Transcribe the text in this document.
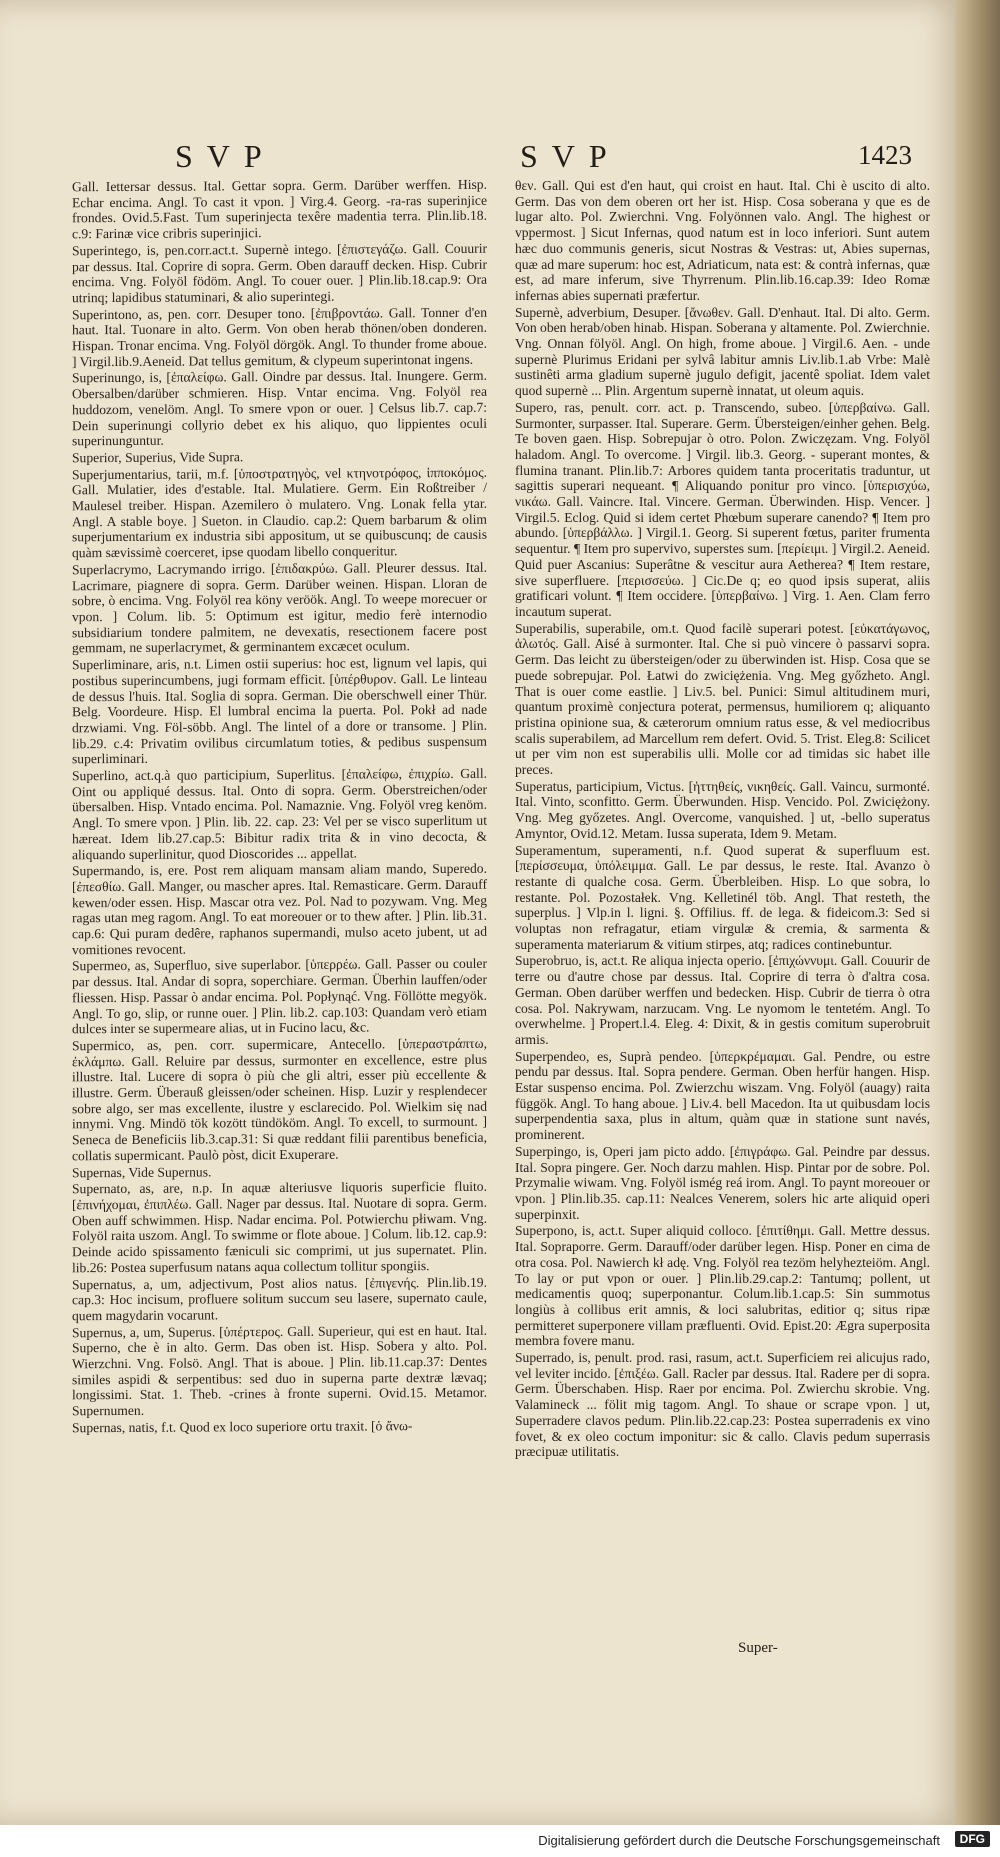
SVP	SVP	1423

Gall. Iettersar dessus. Ital. Gettar sopra. Germ. Darüber werffen. Hisp. Echar encima. Angl. To cast it vpon. ] Virg.4. Georg. -ra-ras superinjice frondes. Ovid.5.Fast. Tum superinjecta texêre madentia terra. Plin.lib.18. c.9: Farinæ vice cribris superinjici.

Superintego, is, pen.corr.act.t. Supernè intego. [ἐπιστεγάζω. Gall. Couurir par dessus. Ital. Coprire di sopra. Germ. Oben darauff decken. Hisp. Cubrir encima. Vng. Folyöl födöm. Angl. To couer ouer. ] Plin.lib.18.cap.9: Ora utrinq; lapidibus statuminari, & alio superintegi.

Superintono, as, pen. corr. Desuper tono. [ἐπιβροντάω. Gall. Tonner d'en haut. Ital. Tuonare in alto. Germ. Von oben herab thönen/oben donderen. Hispan. Tronar encima. Vng. Folyöl dörgök. Angl. To thunder frome aboue. ] Virgil.lib.9.Aeneid. Dat tellus gemitum, & clypeum superintonat ingens.

Superinungo, is, [ἐπαλείφω. Gall. Oindre par dessus. Ital. Inungere. Germ. Obersalben/darüber schmieren. Hisp. Vntar encima. Vng. Folyöl rea huddozom, venelöm. Angl. To smere vpon or ouer. ] Celsus lib.7. cap.7: Dein superinungi collyrio debet ex his aliquo, quo lippientes oculi superinunguntur.

Superior, Superius, Vide Supra.

Superjumentarius, tarii, m.f. [ὑποστρατηγὸς, vel κτηνοτρόφος, ἱπποκόμος. Gall. Mulatier, ides d'estable. Ital. Mulatiere. Germ. Ein Roßtreiber / Maulesel treiber. Hispan. Azemilero ò mulatero. Vng. Lonak fella ytar. Angl. A stable boye. ] Sueton. in Claudio. cap.2: Quem barbarum & olim superjumentarium ex industria sibi appositum, ut se quibuscunq; de causis quàm sævissimè coerceret, ipse quodam libello conqueritur.

Superlacrymo, Lacrymando irrigo. [ἐπιδακρύω. Gall. Pleurer dessus. Ital. Lacrimare, piagnere di sopra. Germ. Darüber weinen. Hispan. Lloran de sobre, ò encima. Vng. Folyöl rea köny veröök. Angl. To weepe morecuer or vpon. ] Colum. lib. 5: Optimum est igitur, medio ferè internodio subsidiarium tondere palmitem, ne devexatis, resectionem facere post gemmam, ne superlacrymet, & germinantem excæcet oculum.

Superliminare, aris, n.t. Limen ostii superius: hoc est, lignum vel lapis, qui postibus superincumbens, jugi formam efficit. [ὑπέρθυρον. Gall. Le linteau de dessus l'huis. Ital. Soglia di sopra. German. Die oberschwell einer Thür. Belg. Voordeure. Hisp. El lumbral encima la puerta. Pol. Pokł ad nade drzwiami. Vng. Föl-söbb. Angl. The lintel of a dore or transome. ] Plin. lib.29. c.4: Privatim ovilibus circumlatum toties, & pedibus suspensum superliminari.

Superlino, act.q.à quo participium, Superlitus. [ἐπαλείφω, ἐπιχρίω. Gall. Oint ou appliqué dessus. Ital. Onto di sopra. Germ. Oberstreichen/oder übersalben. Hisp. Vntado encima. Pol. Namaznie. Vng. Folyöl vreg kenöm. Angl. To smere vpon. ] Plin. lib. 22. cap. 23: Vel per se visco superlitum ut hæreat. Idem lib.27.cap.5: Bibitur radix trita & in vino decocta, & aliquando superlinitur, quod Dioscorides ... appellat.

Supermando, is, ere. Post rem aliquam mansam aliam mando, Superedo. [ἐπεσθίω. Gall. Manger, ou mascher apres. Ital. Remasticare. Germ. Darauff kewen/oder essen. Hisp. Mascar otra vez. Pol. Nad to pozywam. Vng. Meg ragas utan meg ragom. Angl. To eat moreouer or to thew after. ] Plin. lib.31. cap.6: Qui puram dedêre, raphanos supermandi, mulso aceto jubent, ut ad vomitiones revocent.

Supermeo, as, Superfluo, sive superlabor. [ὑπερρέω. Gall. Passer ou couler par dessus. Ital. Andar di sopra, soperchiare. German. Überhin lauffen/oder fliessen. Hisp. Passar ò andar encima. Pol. Popłynąć. Vng. Föllötte megyök. Angl. To go, slip, or runne ouer. ] Plin. lib.2. cap.103: Quandam verò etiam dulces inter se supermeare alias, ut in Fucino lacu, &c.

Supermico, as, pen. corr. supermicare, Antecello. [ὑπεραστράπτω, ἐκλάμπω. Gall. Reluire par dessus, surmonter en excellence, estre plus illustre. Ital. Lucere di sopra ò più che gli altri, esser più eccellente & illustre. Germ. Überauß gleissen/oder scheinen. Hisp. Luzir y resplendecer sobre algo, ser mas excellente, ilustre y esclarecido. Pol. Wielkim się nad innymi. Vng. Mindö tök kozött tündököm. Angl. To excell, to surmount. ] Seneca de Beneficiis lib.3.cap.31: Si quæ reddant filii parentibus beneficia, collatis supermicant. Paulò pòst, dicit Exuperare.

Supernas, Vide Supernus.

Supernato, as, are, n.p. In aquæ alteriusve liquoris superficie fluito. [ἐπινήχομαι, ἐπιπλέω. Gall. Nager par dessus. Ital. Nuotare di sopra. Germ. Oben auff schwimmen. Hisp. Nadar encima. Pol. Potwierchu płiwam. Vng. Folyöl raita uszom. Angl. To swimme or flote aboue. ] Colum. lib.12. cap.9: Deinde acido spissamento fæniculi sic comprimi, ut jus supernatet. Plin. lib.26: Postea superfusum natans aqua collectum tollitur spongiis.

Supernatus, a, um, adjectivum, Post alios natus. [ἐπιγενής. Plin.lib.19. cap.3: Hoc incisum, profluere solitum succum seu lasere, supernato caule, quem magydarin vocarunt.

Supernus, a, um, Superus. [ὑπέρτερος. Gall. Superieur, qui est en haut. Ital. Superno, che è in alto. Germ. Das oben ist. Hisp. Sobera y alto. Pol. Wierzchni. Vng. Folsö. Angl. That is aboue. ] Plin. lib.11.cap.37: Dentes similes aspidi & serpentibus: sed duo in superna parte dextræ lævaq; longissimi. Stat. 1. Theb. -crines à fronte superni. Ovid.15. Metamor. Supernumen.

Supernas, natis, f.t. Quod ex loco superiore ortu traxit. [ὁ ἄνω-

θεν. Gall. Qui est d'en haut, qui croist en haut. Ital. Chi è uscito di alto. Germ. Das von dem oberen ort her ist. Hisp. Cosa soberana y que es de lugar alto. Pol. Zwierchni. Vng. Folyönnen valo. Angl. The highest or vppermost. ] Sicut Infernas, quod natum est in loco inferiori. Sunt autem hæc duo communis generis, sicut Nostras & Vestras: ut, Abies supernas, quæ ad mare superum: hoc est, Adriaticum, nata est: & contrà infernas, quæ est, ad mare inferum, sive Thyrrenum. Plin.lib.16.cap.39: Ideo Romæ infernas abies supernati præfertur.

Supernè, adverbium, Desuper. [ἄνωθεν. Gall. D'enhaut. Ital. Di alto. Germ. Von oben herab/oben hinab. Hispan. Soberana y altamente. Pol. Zwierchnie. Vng. Onnan fölyöl. Angl. On high, frome aboue. ] Virgil.6. Aen. - unde supernè Plurimus Eridani per sylvâ labitur amnis Liv.lib.1.ab Vrbe: Malè sustinêti arma gladium supernè jugulo defigit, jacentê spoliat. Idem valet quod supernè ... Plin. Argentum supernè innatat, ut oleum aquis.

Supero, ras, penult. corr. act. p. Transcendo, subeo. [ὑπερβαίνω. Gall. Surmonter, surpasser. Ital. Superare. Germ. Übersteigen/einher gehen. Belg. Te boven gaen. Hisp. Sobrepujar ò otro. Polon. Zwiczęzam. Vng. Folyöl haladom. Angl. To overcome. ] Virgil. lib.3. Georg. - superant montes, & flumina tranant. Plin.lib.7: Arbores quidem tanta proceritatis traduntur, ut sagittis superari nequeant. ¶ Aliquando ponitur pro vinco. [ὑπερισχύω, νικάω. Gall. Vaincre. Ital. Vincere. German. Überwinden. Hisp. Vencer. ] Virgil.5. Eclog. Quid si idem certet Phœbum superare canendo? ¶ Item pro abundo. [ὑπερβάλλω. ] Virgil.1. Georg. Si superent fœtus, pariter frumenta sequentur. ¶ Item pro supervivo, superstes sum. [περίειμι. ] Virgil.2. Aeneid. Quid puer Ascanius: Superâtne & vescitur aura Aetherea? ¶ Item restare, sive superfluere. [περισσεύω. ] Cic.De q; eo quod ipsis superat, aliis gratificari volunt. ¶ Item occidere. [ὑπερβαίνω. ] Virg. 1. Aen. Clam ferro incautum superat.

Superabilis, superabile, om.t. Quod facilè superari potest. [εὐκατάγωνος, ἁλωτός. Gall. Aisé à surmonter. Ital. Che si può vincere ò passarvi sopra. Germ. Das leicht zu übersteigen/oder zu überwinden ist. Hisp. Cosa que se puede sobrepujar. Pol. Łatwi do zwiciężenia. Vng. Meg győzheto. Angl. That is ouer come eastlie. ] Liv.5. bel. Punici: Simul altitudinem muri, quantum proximè conjectura poterat, permensus, humiliorem q; aliquanto pristina opinione sua, & cæterorum omnium ratus esse, & vel mediocribus scalis superabilem, ad Marcellum rem defert. Ovid. 5. Trist. Eleg.8: Scilicet ut per vim non est superabilis ulli. Molle cor ad timidas sic habet ille preces.

Superatus, participium, Victus. [ἡττηθείς, νικηθείς. Gall. Vaincu, surmonté. Ital. Vinto, sconfitto. Germ. Überwunden. Hisp. Vencido. Pol. Zwiciężony. Vng. Meg győzetes. Angl. Overcome, vanquished. ] ut, -bello superatus Amyntor, Ovid.12. Metam. Iussa superata, Idem 9. Metam.

Superamentum, superamenti, n.f. Quod superat & superfluum est. [περίσσευμα, ὑπόλειμμα. Gall. Le par dessus, le reste. Ital. Avanzo ò restante di qualche cosa. Germ. Überbleiben. Hisp. Lo que sobra, lo restante. Pol. Pozostałek. Vng. Kelletinél töb. Angl. That resteth, the superplus. ] Vlp.in l. ligni. §. Offilius. ff. de lega. & fideicom.3: Sed si voluptas non refragatur, etiam virgulæ & cremia, & sarmenta & superamenta materiarum & vitium stirpes, atq; radices continebuntur.

Superobruo, is, act.t. Re aliqua injecta operio. [ἐπιχώννυμι. Gall. Couurir de terre ou d'autre chose par dessus. Ital. Coprire di terra ò d'altra cosa. German. Oben darüber werffen und bedecken. Hisp. Cubrir de tierra ò otra cosa. Pol. Nakrywam, narzucam. Vng. Le nyomom le tentetém. Angl. To overwhelme. ] Propert.l.4. Eleg. 4: Dixit, & in gestis comitum superobruit armis.

Superpendeo, es, Suprà pendeo. [ὑπερκρέμαμαι. Gal. Pendre, ou estre pendu par dessus. Ital. Sopra pendere. German. Oben herfür hangen. Hisp. Estar suspenso encima. Pol. Zwierzchu wiszam. Vng. Folyöl (auagy) raita függök. Angl. To hang aboue. ] Liv.4. bell Macedon. Ita ut quibusdam locis superpendentia saxa, plus in altum, quàm quæ in statione sunt navés, prominerent.

Superpingo, is, Operi jam picto addo. [ἐπιγράφω. Gal. Peindre par dessus. Ital. Sopra pingere. Ger. Noch darzu mahlen. Hisp. Pintar por de sobre. Pol. Przymalie wiwam. Vng. Folyöl ismég reá irom. Angl. To paynt moreouer or vpon. ] Plin.lib.35. cap.11: Nealces Venerem, solers hic arte aliquid operi superpinxit.

Superpono, is, act.t. Super aliquid colloco. [ἐπιτίθημι. Gall. Mettre dessus. Ital. Sopraporre. Germ. Darauff/oder darüber legen. Hisp. Poner en cima de otra cosa. Pol. Nawierch kł adę. Vng. Folyöl rea tezöm helyhezteiöm. Angl. To lay or put vpon or ouer. ] Plin.lib.29.cap.2: Tantumq; pollent, ut medicamentis quoq; superponantur. Colum.lib.1.cap.5: Sin summotus longiùs à collibus erit amnis, & loci salubritas, editior q; situs ripæ permitteret superponere villam præfluenti. Ovid. Epist.20: Ægra superposita membra fovere manu.

Superrado, is, penult. prod. rasi, rasum, act.t. Superficiem rei alicujus rado, vel leviter incido. [ἐπιξέω. Gall. Racler par dessus. Ital. Radere per di sopra. Germ. Überschaben. Hisp. Raer por encima. Pol. Zwierchu skrobie. Vng. Valamineck ... fölit mig tagom. Angl. To shaue or scrape vpon. ] ut, Superradere clavos pedum. Plin.lib.22.cap.23: Postea superradenis ex vino fovet, & ex oleo coctum imponitur: sic & callo. Clavis pedum superrasis præcipuæ utilitatis.

Super-
Digitalisierung gefördert durch die Deutsche Forschungsgemeinschaft	DFG
